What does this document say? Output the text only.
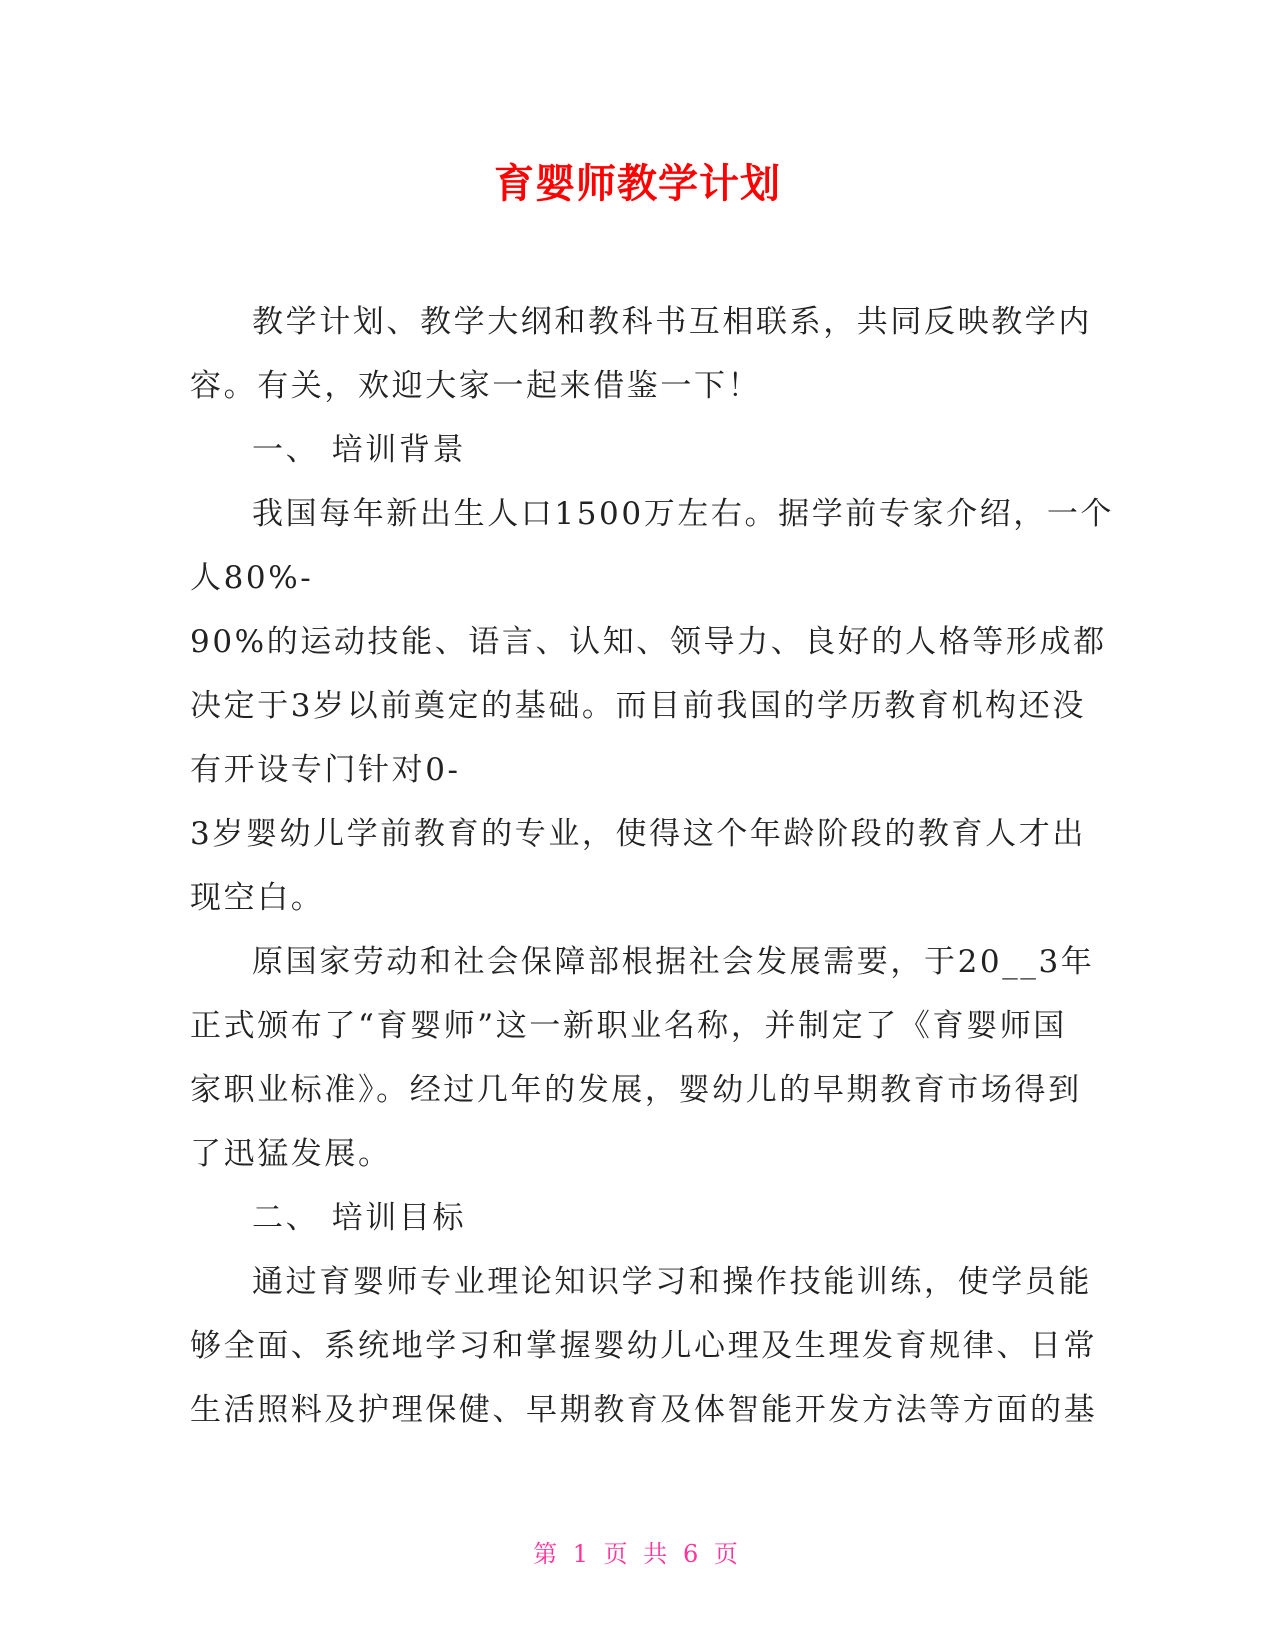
育婴师教学计划
教学计划、教学大纲和教科书互相联系，共同反映教学内
容。有关，欢迎大家一起来借鉴一下！
一、 培训背景
我国每年新出生人口1500万左右。据学前专家介绍，一个
人80%-
90%的运动技能、语言、认知、领导力、良好的人格等形成都
决定于3岁以前奠定的基础。而目前我国的学历教育机构还没
有开设专门针对0-
3岁婴幼儿学前教育的专业，使得这个年龄阶段的教育人才出
现空白。
原国家劳动和社会保障部根据社会发展需要，于20__3年
正式颁布了“育婴师”这一新职业名称，并制定了《育婴师国
家职业标准》。经过几年的发展，婴幼儿的早期教育市场得到
了迅猛发展。
二、 培训目标
通过育婴师专业理论知识学习和操作技能训练，使学员能
够全面、系统地学习和掌握婴幼儿心理及生理发育规律、日常
生活照料及护理保健、早期教育及体智能开发方法等方面的基
第 1 页 共 6 页
